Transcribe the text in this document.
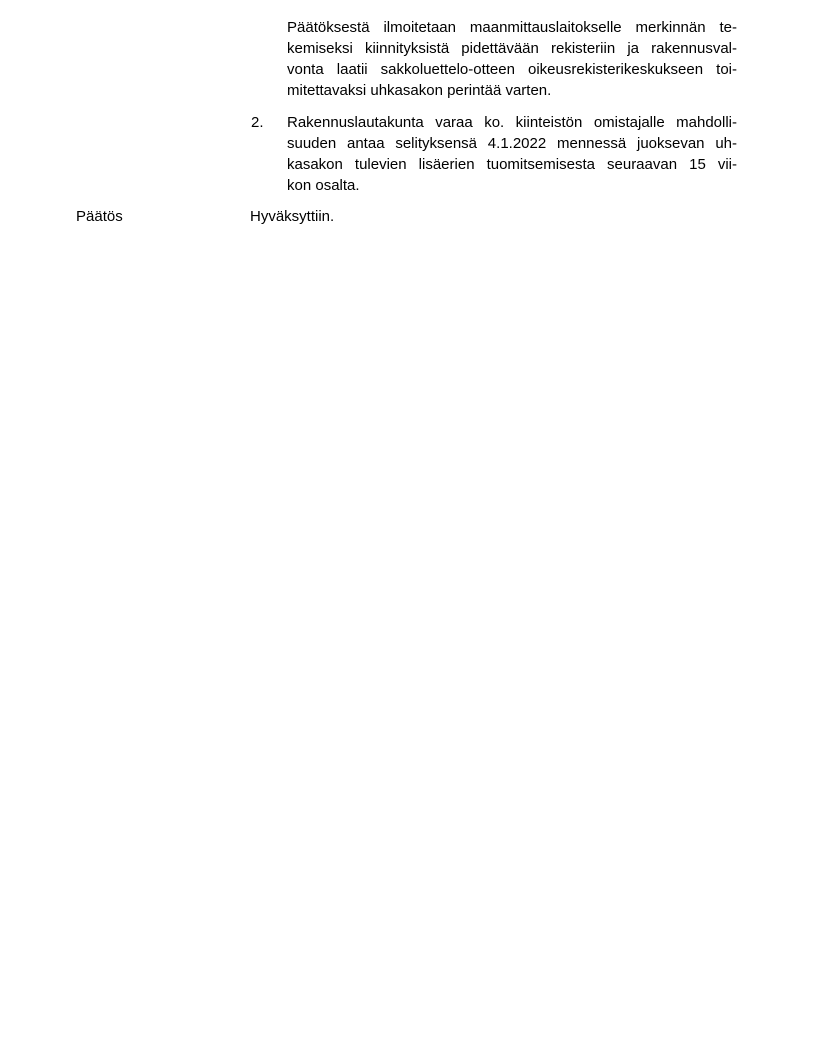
Päätöksestä ilmoitetaan maanmittauslaitokselle merkinnän te-
kemiseksi kiinnityksistä pidettävään rekisteriin ja rakennusval-
vonta laatii sakkoluettelo-otteen oikeusrekisterikeskukseen toi-
mitettavaksi uhkasakon perintää varten.
2. Rakennuslautakunta varaa ko. kiinteistön omistajalle mahdolli-
suuden antaa selityksensä 4.1.2022 mennessä juoksevan uh-
kasakon tulevien lisäerien tuomitsemisesta seuraavan 15 vii-
kon osalta.
Päätös	Hyväksyttiin.
